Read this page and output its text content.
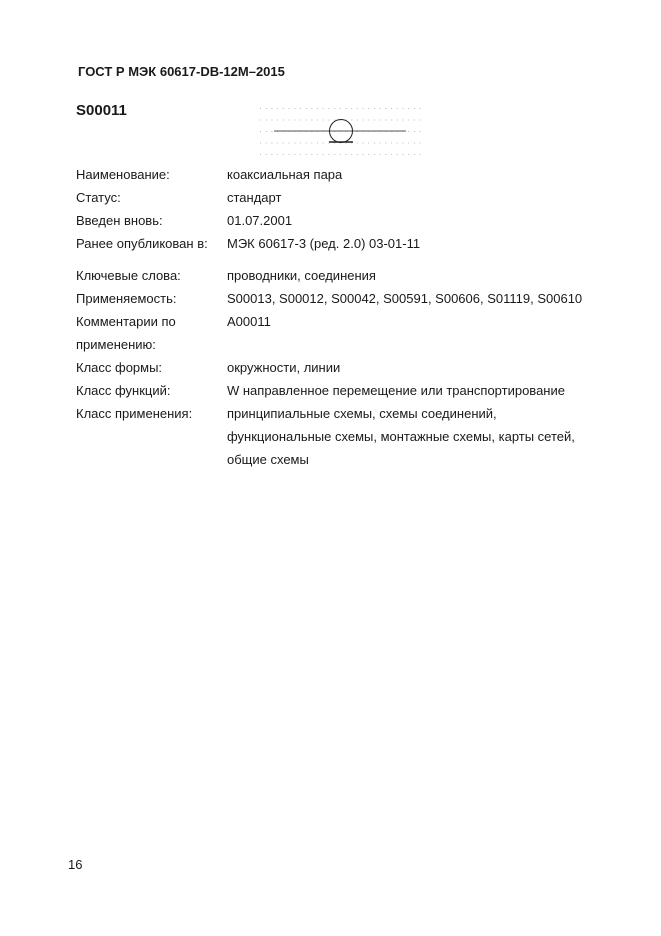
ГОСТ Р МЭК 60617-DB-12M–2015
S00011
Наименование:	коаксиальная пара
Статус:	стандарт
Введен вновь:	01.07.2001
Ранее опубликован в:	МЭК 60617-3 (ред. 2.0) 03-01-11
Ключевые слова:	проводники, соединения
Применяемость:	S00013, S00012, S00042, S00591, S00606, S01119, S00610
Комментарии по применению:
A00011
Класс формы:	окружности, линии
Класс функций:	W направленное перемещение или транспортирование
Класс применения:	принципиальные схемы, схемы соединений, функциональные схемы, монтажные схемы, карты сетей, общие схемы
16
